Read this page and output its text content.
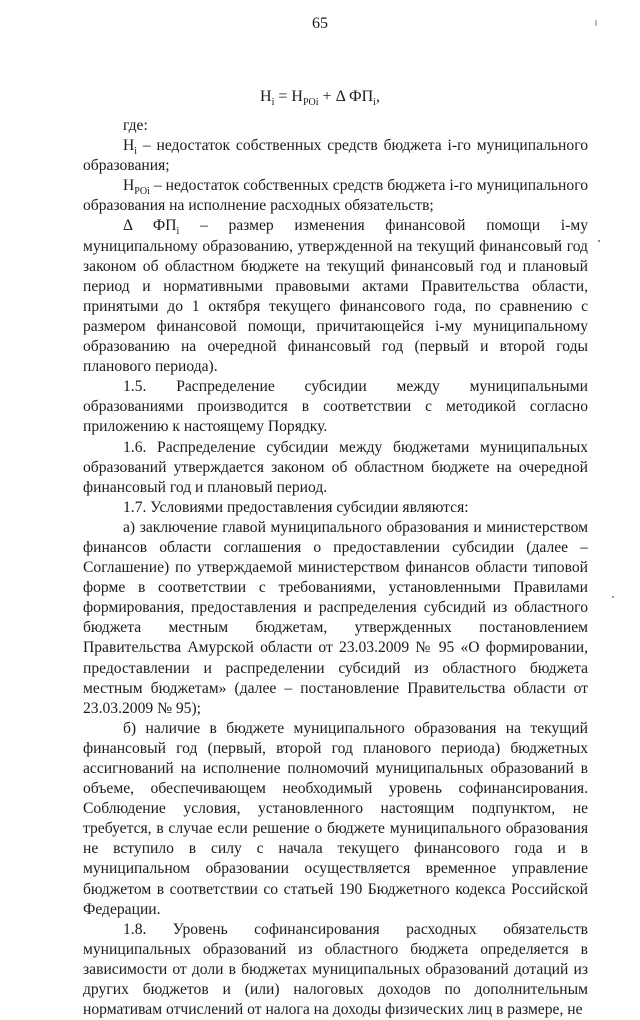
65
$Н_i = Н_{POi} + \Delta$ $ФП_i$,

где:

$Н_i$ – недостаток собственных средств бюджета i-го муниципального образования;

$Н_{POi}$ – недостаток собственных средств бюджета i-го муниципального образования на исполнение расходных обязательств;

Δ $ФП_i$ – размер изменения финансовой помощи i-му муниципальному образованию, утвержденной на текущий финансовый год законом об областном бюджете на текущий финансовый год и плановый период и нормативными правовыми актами Правительства области, принятыми до 1 октября текущего финансового года, по сравнению с размером финансовой помощи, причитающейся i-му муниципальному образованию на очередной финансовый год (первый и второй годы планового периода).

1.5. Распределение субсидии между муниципальными образованиями производится в соответствии с методикой согласно приложению к настоящему Порядку.

1.6. Распределение субсидии между бюджетами муниципальных образований утверждается законом об областном бюджете на очередной финансовый год и плановый период.

1.7. Условиями предоставления субсидии являются:

а) заключение главой муниципального образования и министерством финансов области соглашения о предоставлении субсидии (далее – Соглашение) по утверждаемой министерством финансов области типовой форме в соответствии с требованиями, установленными Правилами формирования, предоставления и распределения субсидий из областного бюджета местным бюджетам, утвержденных постановлением Правительства Амурской области от 23.03.2009 № 95 «О формировании, предоставлении и распределении субсидий из областного бюджета местным бюджетам» (далее – постановление Правительства области от 23.03.2009 № 95);

б) наличие в бюджете муниципального образования на текущий финансовый год (первый, второй год планового периода) бюджетных ассигнований на исполнение полномочий муниципальных образований в объеме, обеспечивающем необходимый уровень софинансирования. Соблюдение условия, установленного настоящим подпунктом, не требуется, в случае если решение о бюджете муниципального образования не вступило в силу с начала текущего финансового года и в муниципальном образовании осуществляется временное управление бюджетом в соответствии со статьей 190 Бюджетного кодекса Российской Федерации.

1.8. Уровень софинансирования расходных обязательств муниципальных образований из областного бюджета определяется в зависимости от доли в бюджетах муниципальных образований дотаций из других бюджетов и (или) налоговых доходов по дополнительным нормативам отчислений от налога на доходы физических лиц в размере, не
